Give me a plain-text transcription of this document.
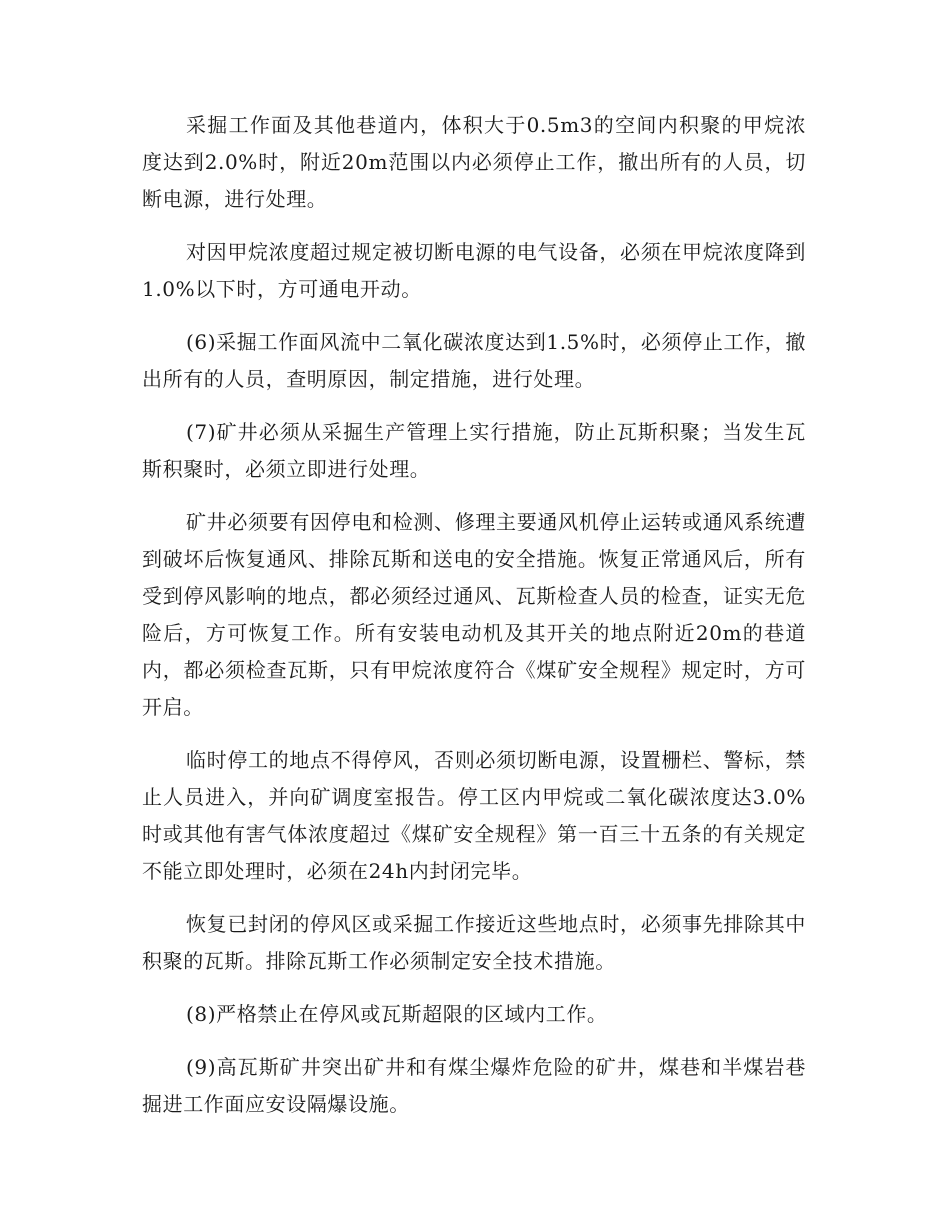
采掘工作面及其他巷道内，体积大于0.5m3的空间内积聚的甲烷浓度达到2.0%时，附近20m范围以内必须停止工作，撤出所有的人员，切断电源，进行处理。

对因甲烷浓度超过规定被切断电源的电气设备，必须在甲烷浓度降到1.0%以下时，方可通电开动。

(6)采掘工作面风流中二氧化碳浓度达到1.5%时，必须停止工作，撤出所有的人员，查明原因，制定措施，进行处理。

(7)矿井必须从采掘生产管理上实行措施，防止瓦斯积聚；当发生瓦斯积聚时，必须立即进行处理。

矿井必须要有因停电和检测、修理主要通风机停止运转或通风系统遭到破坏后恢复通风、排除瓦斯和送电的安全措施。恢复正常通风后，所有受到停风影响的地点，都必须经过通风、瓦斯检查人员的检查，证实无危险后，方可恢复工作。所有安装电动机及其开关的地点附近20m的巷道内，都必须检查瓦斯，只有甲烷浓度符合《煤矿安全规程》规定时，方可开启。

临时停工的地点不得停风，否则必须切断电源，设置栅栏、警标，禁止人员进入，并向矿调度室报告。停工区内甲烷或二氧化碳浓度达3.0%时或其他有害气体浓度超过《煤矿安全规程》第一百三十五条的有关规定不能立即处理时，必须在24h内封闭完毕。

恢复已封闭的停风区或采掘工作接近这些地点时，必须事先排除其中积聚的瓦斯。排除瓦斯工作必须制定安全技术措施。

(8)严格禁止在停风或瓦斯超限的区域内工作。

(9)高瓦斯矿井突出矿井和有煤尘爆炸危险的矿井，煤巷和半煤岩巷掘进工作面应安设隔爆设施。
